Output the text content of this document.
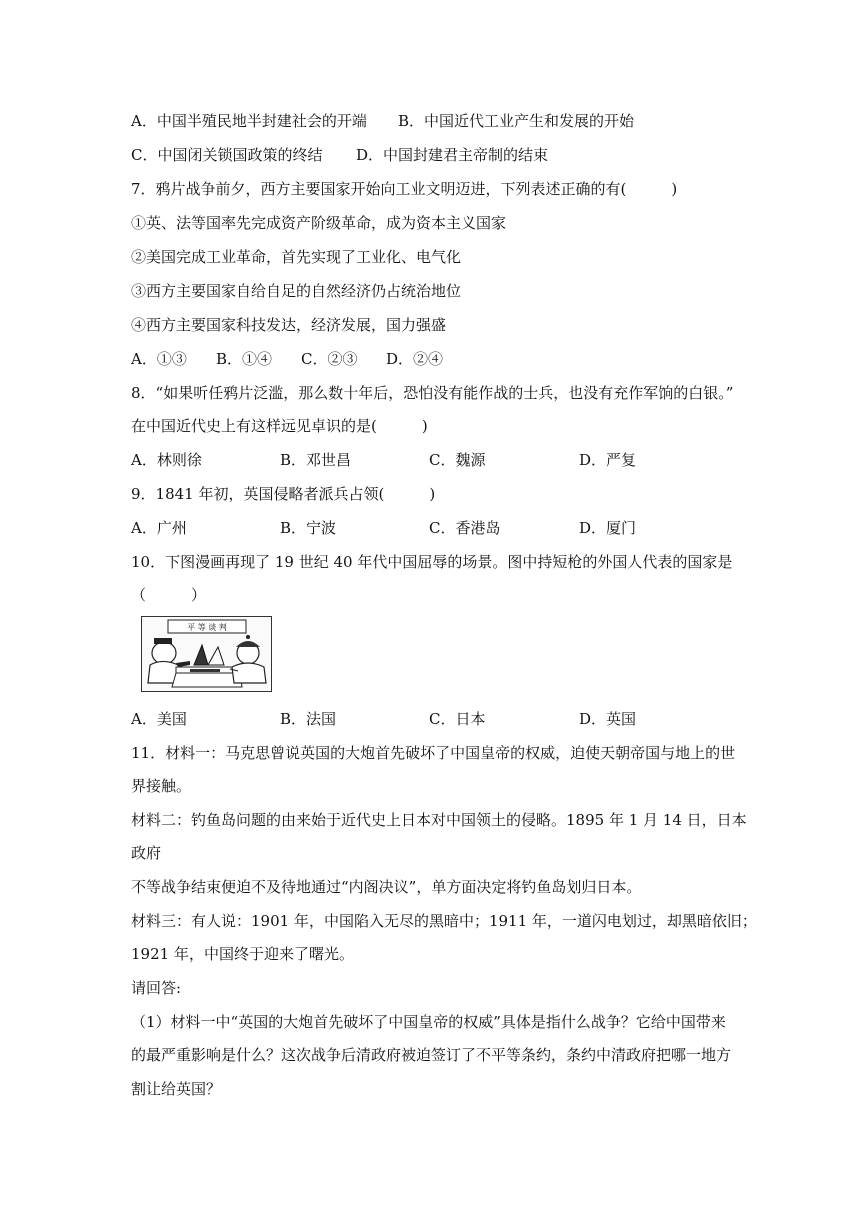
A．中国半殖民地半封建社会的开端 B．中国近代工业产生和发展的开始
C．中国闭关锁国政策的终结 D．中国封建君主帝制的结束
7．鸦片战争前夕，西方主要国家开始向工业文明迈进，下列表述正确的有(　　　)
①英、法等国率先完成资产阶级革命，成为资本主义国家
②美国完成工业革命，首先实现了工业化、电气化
③西方主要国家自给自足的自然经济仍占统治地位
④西方主要国家科技发达，经济发展，国力强盛
A．①③ B．①④ C．②③ D．②④
8．“如果听任鸦片泛滥，那么数十年后，恐怕没有能作战的士兵，也没有充作军饷的白银。”
在中国近代史上有这样远见卓识的是(　　　)
A．林则徐	B．邓世昌	C．魏源	D．严复
9．1841 年初，英国侵略者派兵占领(　　　)
A．广州	B．宁波	C．香港岛	D．厦门
10．下图漫画再现了 19 世纪 40 年代中国屈辱的场景。图中持短枪的外国人代表的国家是
（　　　）
平 等 谈 判
A．美国	B．法国	C．日本	D．英国
11．材料一：马克思曾说英国的大炮首先破坏了中国皇帝的权威，迫使天朝帝国与地上的世
界接触。
材料二：钓鱼岛问题的由来始于近代史上日本对中国领土的侵略。1895 年 1 月 14 日，日本
政府
不等战争结束便迫不及待地通过“内阁决议”，单方面决定将钓鱼岛划归日本。
材料三：有人说：1901 年，中国陷入无尽的黑暗中；1911 年，一道闪电划过，却黑暗依旧；
1921 年，中国终于迎来了曙光。
请回答:
（1）材料一中“英国的大炮首先破坏了中国皇帝的权威”具体是指什么战争？它给中国带来
的最严重影响是什么？这次战争后清政府被迫签订了不平等条约，条约中清政府把哪一地方
割让给英国？
